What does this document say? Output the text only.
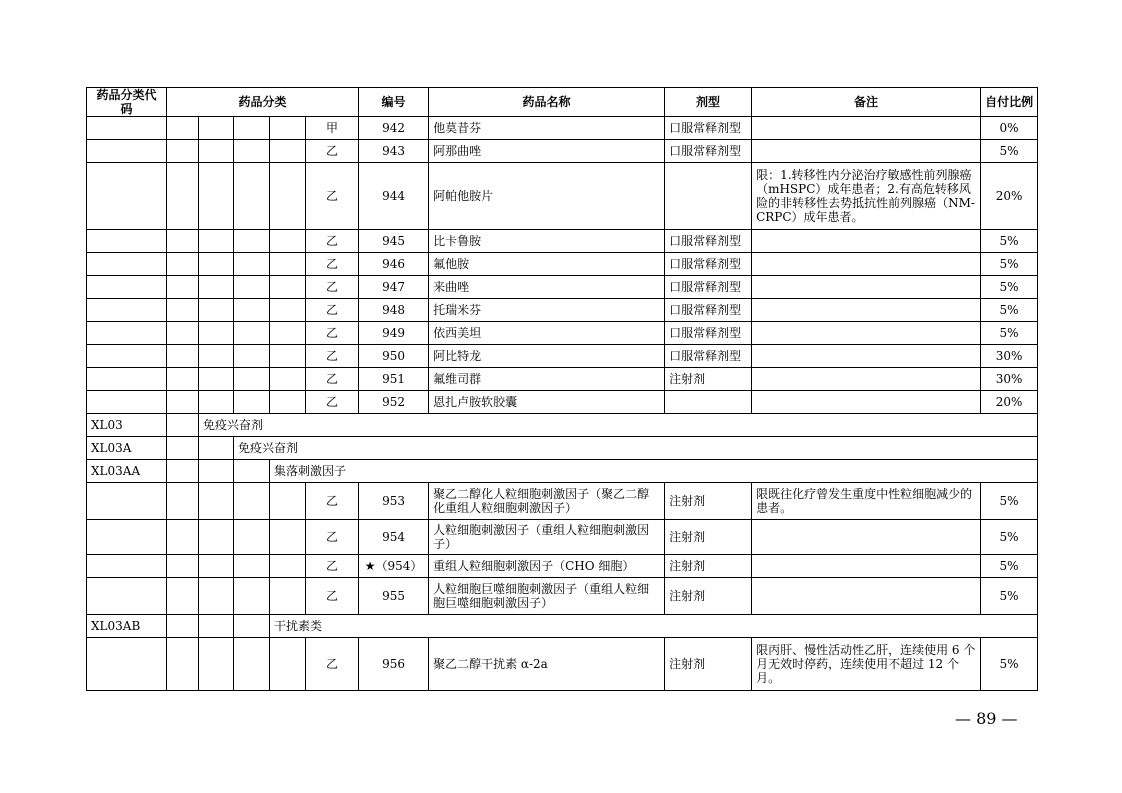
药品分类代码	药品分类					编号	药品名称	剂型	备注	自付比例
					甲	942	他莫昔芬	口服常释剂型		0%
					乙	943	阿那曲唑	口服常释剂型		5%
					乙	944	阿帕他胺片		限：1.转移性内分泌治疗敏感性前列腺癌（mHSPC）成年患者；2.有高危转移风险的非转移性去势抵抗性前列腺癌（NM-CRPC）成年患者。	20%
					乙	945	比卡鲁胺	口服常释剂型		5%
					乙	946	氟他胺	口服常释剂型		5%
					乙	947	来曲唑	口服常释剂型		5%
					乙	948	托瑞米芬	口服常释剂型		5%
					乙	949	依西美坦	口服常释剂型		5%
					乙	950	阿比特龙	口服常释剂型		30%
					乙	951	氟维司群	注射剂		30%
					乙	952	恩扎卢胺软胶囊			20%
XL03		免疫兴奋剂								
XL03A			免疫兴奋剂							
XL03AA				集落刺激因子						
					乙	953	聚乙二醇化人粒细胞刺激因子（聚乙二醇化重组人粒细胞刺激因子）	注射剂	限既往化疗曾发生重度中性粒细胞减少的患者。	5%
					乙	954	人粒细胞刺激因子（重组人粒细胞刺激因子）	注射剂		5%
					乙	★（954）	重组人粒细胞刺激因子（CHO 细胞）	注射剂		5%
					乙	955	人粒细胞巨噬细胞刺激因子（重组人粒细胞巨噬细胞刺激因子）	注射剂		5%
XL03AB				干扰素类						
					乙	956	聚乙二醇干扰素 α-2a	注射剂	限丙肝、慢性活动性乙肝，连续使用 6 个月无效时停药，连续使用不超过 12 个月。	5%
— 89 —
